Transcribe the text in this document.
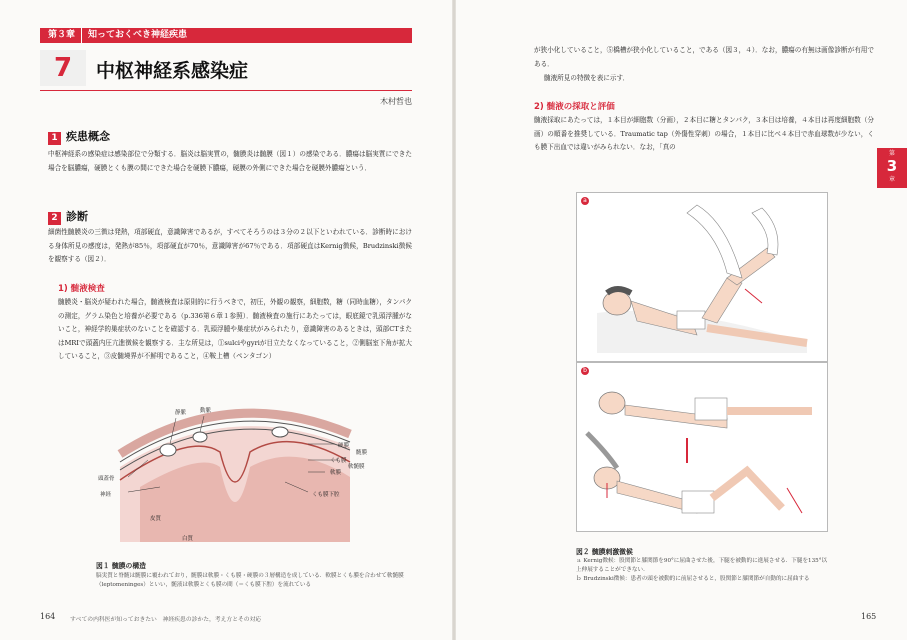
第３章 知っておくべき神経疾患
7	中枢神経系感染症
木村哲也
1 疾患概念
中枢神経系の感染症は感染部位で分類する．脳炎は脳実質の，髄膜炎は髄膜（図１）の感染である．膿瘍は脳実質にできた場合を脳膿瘍，硬膜とくも膜の間にできた場合を硬膜下膿瘍，硬膜の外側にできた場合を硬膜外膿瘍という．
2 診断
細菌性髄膜炎の三徴は発熱，項部硬直，意識障害であるが，すべてそろうのは３分の２以下といわれている．診断時における身体所見の感度は，発熱が85％，項部硬直が70％，意識障害が67％である．項部硬直はKernig徴候，Brudzinski徴候を観察する（図２）．
1) 髄液検査
髄膜炎・脳炎が疑われた場合，髄液検査は原則的に行うべきで，初圧，外観の観察，細胞数，糖（同時血糖），タンパクの測定，グラム染色と培養が必要である（p.336第６章１参照）．髄液検査の施行にあたっては，眼底鏡で乳頭浮腫がないこと，神経学的巣症状のないことを確認する．乳頭浮腫や巣症状がみられたり，意識障害のあるときは，頭部CTまたはMRIで頭蓋内圧亢進徴候を観察する．主な所見は，①sulciやgyriが目立たなくなっていること，②側脳室下角が拡大していること，③皮髄境界が不鮮明であること，④鞍上槽（ペンタゴン）
静脈	動脈
頭蓋骨
神経
皮質
白質
硬膜
くも膜
軟膜
軟髄膜
くも膜下腔
髄膜
図１ 髄膜の構造
脳実質と脊髄は髄膜に覆われており，髄膜は軟膜・くも膜・硬膜の３層構造を成している．軟膜とくも膜を合わせて軟髄膜（leptomeninges）といい，髄液は軟膜とくも膜の間（＝くも膜下腔）を流れている
164	すべての内科医が知っておきたい　神経疾患の診かた，考え方とその対応
が狭小化していること，⑤橋槽が狭小化していること，である（図３，４）．なお，膿瘍の有無は画像診断が有用である．
髄液所見の特徴を表に示す．
2) 髄液の採取と評価
髄液採取にあたっては，１本目が細胞数（分画），２本目に糖とタンパク，３本目は培養，４本目は再度細胞数（分画）の順番を推奨している．Traumatic tap（外傷性穿刺）の場合，１本目に比べ４本目で赤血球数が少ない，くも膜下出血では違いがみられない．なお，「真の
第
3
章
a
b
図２ 髄膜刺激徴候
ａ Kernig徴候：股関節と膝関節を90°に屈曲させた後，下腿を被動的に進展させる．下腿を135°以上伸展することができない．
ｂ Brudzinski徴候：患者の頭を被動的に前屈させると，股関節と膝関節が自動的に屈曲する
165
